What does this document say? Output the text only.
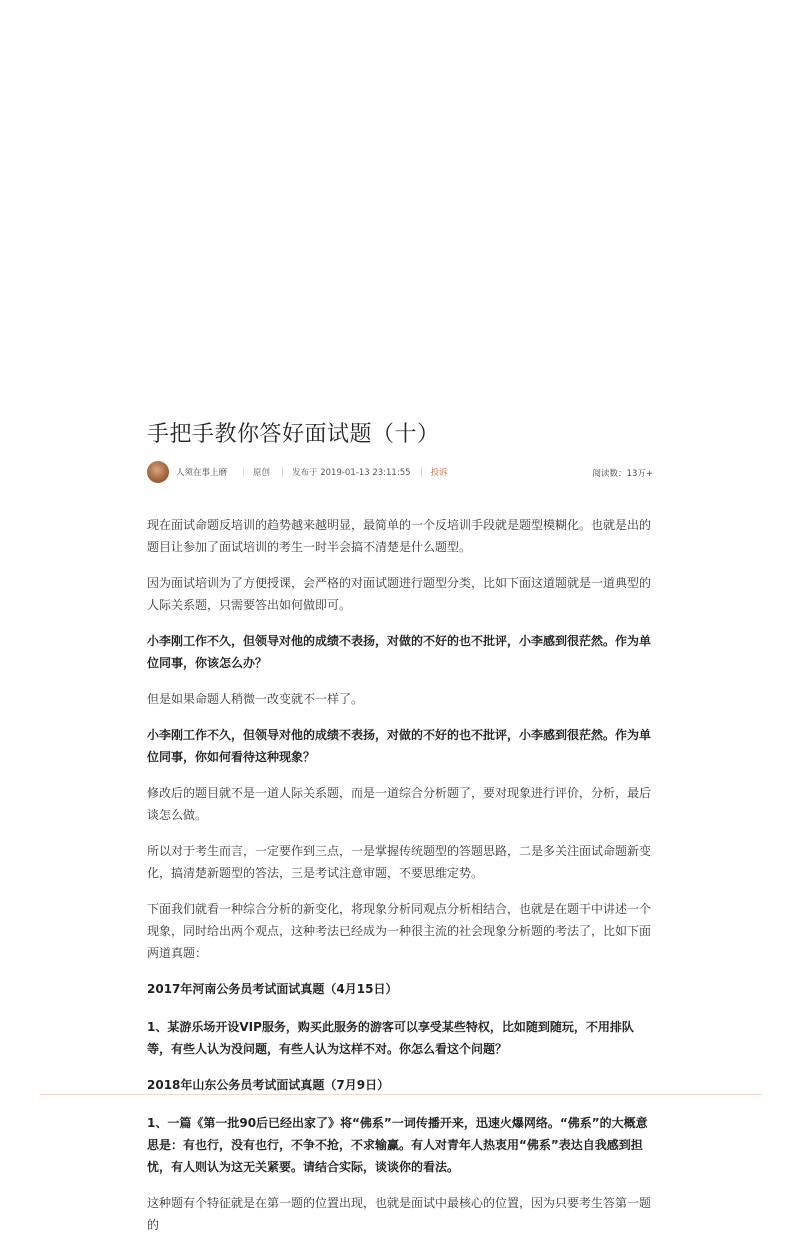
手把手教你答好面试题（十）
人须在事上磨	原创	发布于 2019-01-13 23:11:55 投诉	阅读数：13万+

现在面试命题反培训的趋势越来越明显，最简单的一个反培训手段就是题型模糊化。也就是出的题目让参加了面试培训的考生一时半会搞不清楚是什么题型。

因为面试培训为了方便授课，会严格的对面试题进行题型分类，比如下面这道题就是一道典型的人际关系题，只需要答出如何做即可。

小李刚工作不久，但领导对他的成绩不表扬，对做的不好的也不批评，小李感到很茫然。作为单位同事，你该怎么办？

但是如果命题人稍微一改变就不一样了。

小李刚工作不久，但领导对他的成绩不表扬，对做的不好的也不批评，小李感到很茫然。作为单位同事，你如何看待这种现象？

修改后的题目就不是一道人际关系题，而是一道综合分析题了，要对现象进行评价，分析，最后谈怎么做。

所以对于考生而言，一定要作到三点，一是掌握传统题型的答题思路，二是多关注面试命题新变化，搞清楚新题型的答法，三是考试注意审题，不要思维定势。

下面我们就看一种综合分析的新变化，将现象分析同观点分析相结合，也就是在题干中讲述一个现象，同时给出两个观点，这种考法已经成为一种很主流的社会现象分析题的考法了，比如下面两道真题：

2017年河南公务员考试面试真题（4月15日）

1、某游乐场开设VIP服务，购买此服务的游客可以享受某些特权，比如随到随玩，不用排队等，有些人认为没问题，有些人认为这样不对。你怎么看这个问题？

2018年山东公务员考试面试真题（7月9日）

1、一篇《第一批90后已经出家了》将“佛系”一词传播开来，迅速火爆网络。“佛系”的大概意思是：有也行，没有也行，不争不抢，不求输赢。有人对青年人热衷用“佛系”表达自我感到担忧，有人则认为这无关紧要。请结合实际，谈谈你的看法。

这种题有个特征就是在第一题的位置出现，也就是面试中最核心的位置，因为只要考生答第一题的
